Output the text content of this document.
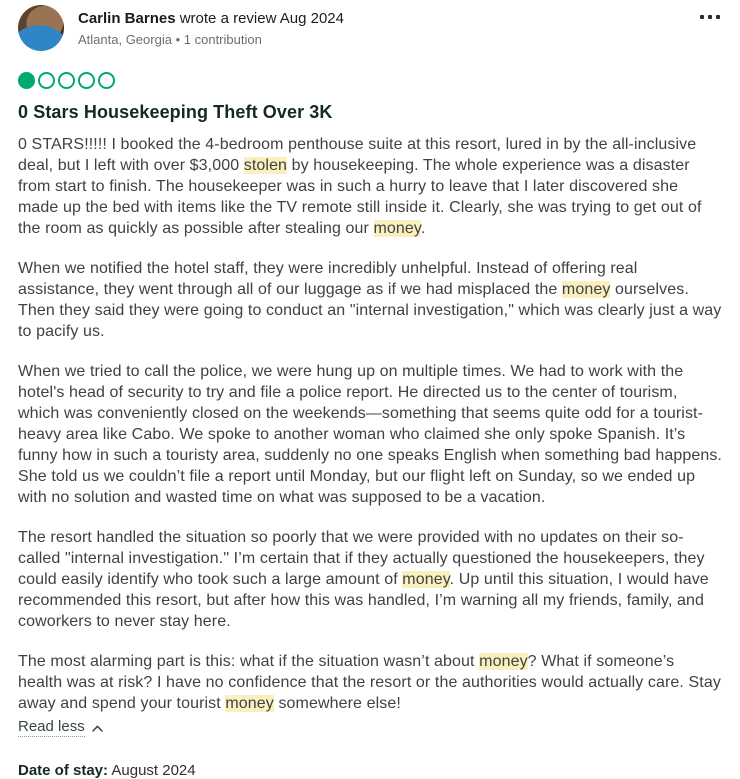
Carlin Barnes wrote a review Aug 2024
Atlanta, Georgia • 1 contribution
0 Stars Housekeeping Theft Over 3K

0 STARS!!!!! I booked the 4-bedroom penthouse suite at this resort, lured in by the all-inclusive deal, but I left with over $3,000 stolen by housekeeping. The whole experience was a disaster from start to finish. The housekeeper was in such a hurry to leave that I later discovered she made up the bed with items like the TV remote still inside it. Clearly, she was trying to get out of the room as quickly as possible after stealing our money.

When we notified the hotel staff, they were incredibly unhelpful. Instead of offering real assistance, they went through all of our luggage as if we had misplaced the money ourselves. Then they said they were going to conduct an "internal investigation," which was clearly just a way to pacify us.

When we tried to call the police, we were hung up on multiple times. We had to work with the hotel's head of security to try and file a police report. He directed us to the center of tourism, which was conveniently closed on the weekends—something that seems quite odd for a tourist-heavy area like Cabo. We spoke to another woman who claimed she only spoke Spanish. It’s funny how in such a touristy area, suddenly no one speaks English when something bad happens. She told us we couldn’t file a report until Monday, but our flight left on Sunday, so we ended up with no solution and wasted time on what was supposed to be a vacation.

The resort handled the situation so poorly that we were provided with no updates on their so-called "internal investigation." I’m certain that if they actually questioned the housekeepers, they could easily identify who took such a large amount of money. Up until this situation, I would have recommended this resort, but after how this was handled, I’m warning all my friends, family, and coworkers to never stay here.

The most alarming part is this: what if the situation wasn’t about money? What if someone’s health was at risk? I have no confidence that the resort or the authorities would actually care. Stay away and spend your tourist money somewhere else!

Read less
Date of stay: August 2024
